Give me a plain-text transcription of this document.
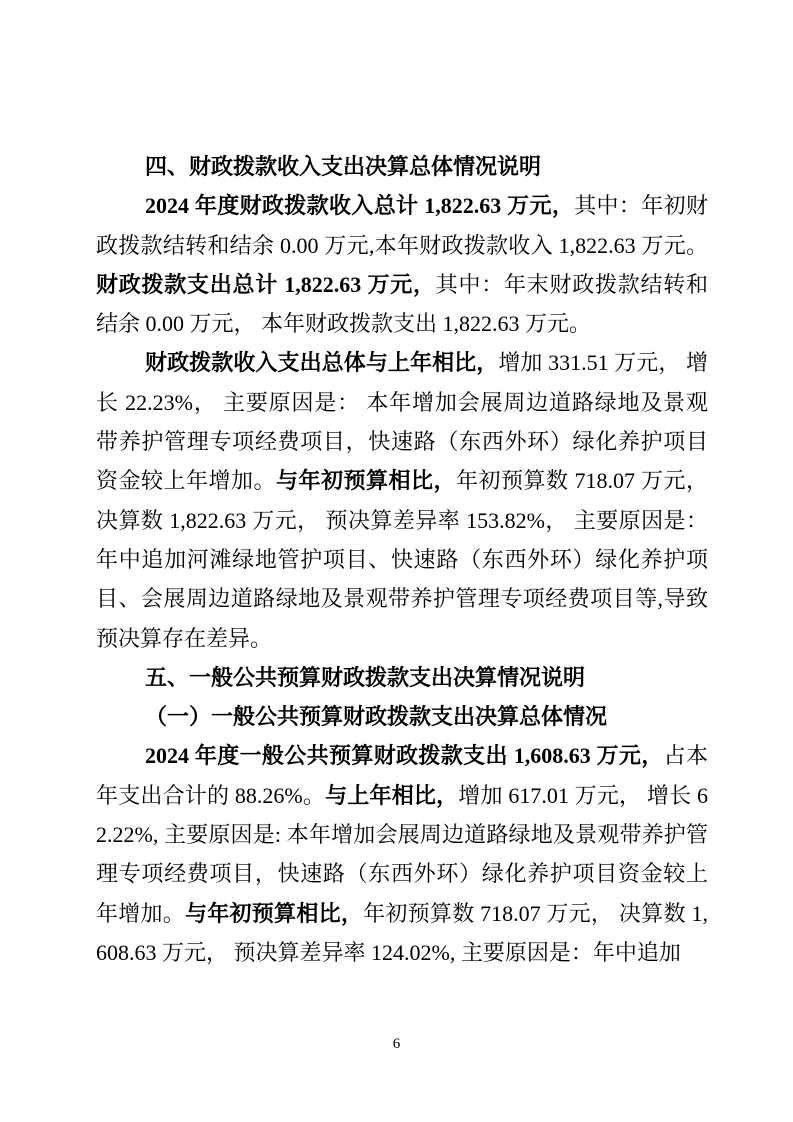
四、财政拨款收入支出决算总体情况说明

2024 年度财政拨款收入总计 1,822.63 万元，其中：年初财政拨款结转和结余 0.00 万元,本年财政拨款收入 1,822.63 万元。财政拨款支出总计 1,822.63 万元，其中：年末财政拨款结转和结余 0.00 万元， 本年财政拨款支出 1,822.63 万元。

财政拨款收入支出总体与上年相比，增加 331.51 万元， 增长 22.23%， 主要原因是： 本年增加会展周边道路绿地及景观带养护管理专项经费项目，快速路（东西外环）绿化养护项目资金较上年增加。与年初预算相比，年初预算数 718.07 万元， 决算数 1,822.63 万元， 预决算差异率 153.82%， 主要原因是： 年中追加河滩绿地管护项目、快速路（东西外环）绿化养护项目、会展周边道路绿地及景观带养护管理专项经费项目等,导致预决算存在差异。

五、一般公共预算财政拨款支出决算情况说明
（一）一般公共预算财政拨款支出决算总体情况

2024 年度一般公共预算财政拨款支出 1,608.63 万元，占本年支出合计的 88.26%。与上年相比，增加 617.01 万元， 增长 62.22%, 主要原因是: 本年增加会展周边道路绿地及景观带养护管理专项经费项目，快速路（东西外环）绿化养护项目资金较上年增加。与年初预算相比，年初预算数 718.07 万元， 决算数 1,608.63 万元， 预决算差异率 124.02%, 主要原因是：年中追加

6
